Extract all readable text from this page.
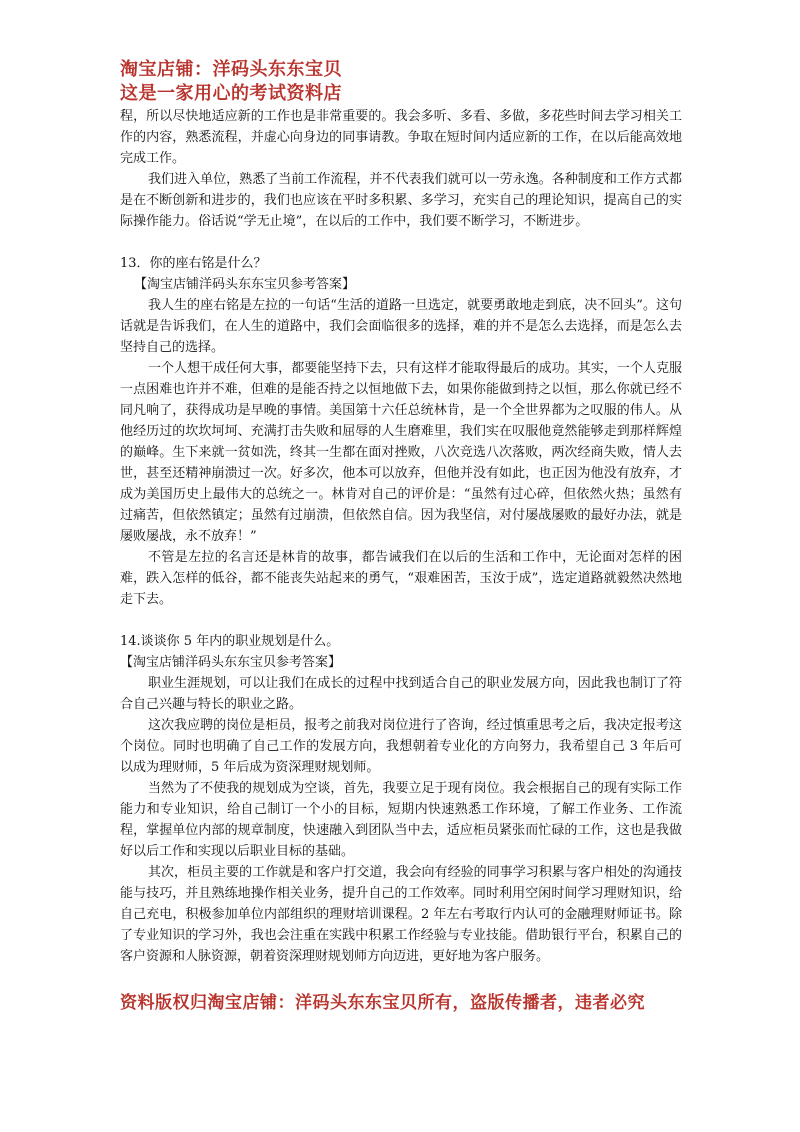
淘宝店铺：洋码头东东宝贝
这是一家用心的考试资料店

程，所以尽快地适应新的工作也是非常重要的。我会多听、多看、多做，多花些时间去学习相关工作的内容，熟悉流程，并虚心向身边的同事请教。争取在短时间内适应新的工作，在以后能高效地完成工作。

我们进入单位，熟悉了当前工作流程，并不代表我们就可以一劳永逸。各种制度和工作方式都是在不断创新和进步的，我们也应该在平时多积累、多学习，充实自己的理论知识，提高自己的实际操作能力。俗话说“学无止境”，在以后的工作中，我们要不断学习，不断进步。

13．你的座右铭是什么？

【淘宝店铺洋码头东东宝贝参考答案】

我人生的座右铭是左拉的一句话“生活的道路一旦选定，就要勇敢地走到底，决不回头”。这句话就是告诉我们，在人生的道路中，我们会面临很多的选择，难的并不是怎么去选择，而是怎么去坚持自己的选择。

一个人想干成任何大事，都要能坚持下去，只有这样才能取得最后的成功。其实，一个人克服一点困难也许并不难，但难的是能否持之以恒地做下去，如果你能做到持之以恒，那么你就已经不同凡响了，获得成功是早晚的事情。美国第十六任总统林肯，是一个全世界都为之叹服的伟人。从他经历过的坎坎坷坷、充满打击失败和屈辱的人生磨难里，我们实在叹服他竟然能够走到那样辉煌的巅峰。生下来就一贫如洗，终其一生都在面对挫败，八次竞选八次落败，两次经商失败，情人去世，甚至还精神崩溃过一次。好多次，他本可以放弃，但他并没有如此，也正因为他没有放弃，才成为美国历史上最伟大的总统之一。林肯对自己的评价是：“虽然有过心碎，但依然火热；虽然有过痛苦，但依然镇定；虽然有过崩溃，但依然自信。因为我坚信，对付屡战屡败的最好办法，就是屡败屡战，永不放弃！”

不管是左拉的名言还是林肯的故事，都告诫我们在以后的生活和工作中，无论面对怎样的困难，跌入怎样的低谷，都不能丧失站起来的勇气，“艰难困苦，玉汝于成”，选定道路就毅然决然地走下去。

14.谈谈你 5 年内的职业规划是什么。

【淘宝店铺洋码头东东宝贝参考答案】

职业生涯规划，可以让我们在成长的过程中找到适合自己的职业发展方向，因此我也制订了符合自己兴趣与特长的职业之路。

这次我应聘的岗位是柜员，报考之前我对岗位进行了咨询，经过慎重思考之后，我决定报考这个岗位。同时也明确了自己工作的发展方向，我想朝着专业化的方向努力，我希望自己 3 年后可以成为理财师，5 年后成为资深理财规划师。

当然为了不使我的规划成为空谈，首先，我要立足于现有岗位。我会根据自己的现有实际工作能力和专业知识，给自己制订一个小的目标，短期内快速熟悉工作环境，了解工作业务、工作流程，掌握单位内部的规章制度，快速融入到团队当中去，适应柜员紧张而忙碌的工作，这也是我做好以后工作和实现以后职业目标的基础。

其次，柜员主要的工作就是和客户打交道，我会向有经验的同事学习积累与客户相处的沟通技能与技巧，并且熟练地操作相关业务，提升自己的工作效率。同时利用空闲时间学习理财知识，给自己充电，积极参加单位内部组织的理财培训课程。2 年左右考取行内认可的金融理财师证书。除了专业知识的学习外，我也会注重在实践中积累工作经验与专业技能。借助银行平台，积累自己的客户资源和人脉资源，朝着资深理财规划师方向迈进，更好地为客户服务。

资料版权归淘宝店铺：洋码头东东宝贝所有，盗版传播者，违者必究
